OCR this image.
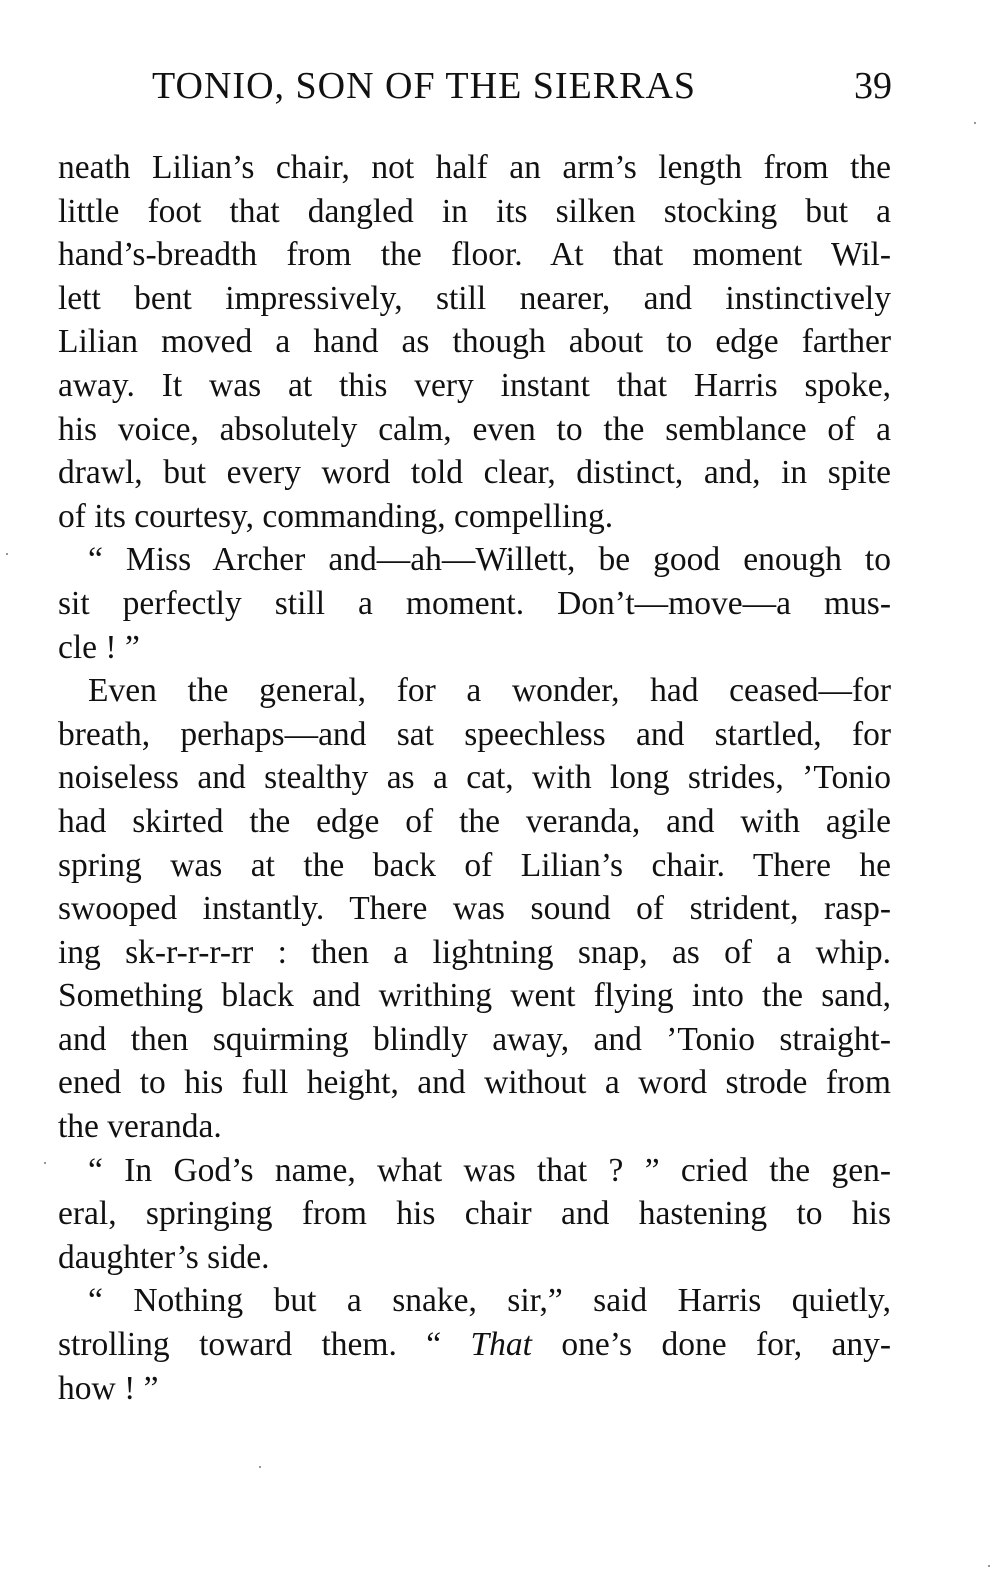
TONIO, SON OF THE SIERRAS	39
neath Lilian’s chair, not half an arm’s length from the
little foot that dangled in its silken stocking but a
hand’s-breadth from the floor. At that moment Wil-
lett bent impressively, still nearer, and instinctively
Lilian moved a hand as though about to edge farther
away. It was at this very instant that Harris spoke,
his voice, absolutely calm, even to the semblance of a
drawl, but every word told clear, distinct, and, in spite
of its courtesy, commanding, compelling.
“ Miss Archer and—ah—Willett, be good enough to
sit perfectly still a moment. Don’t—move—a mus-
cle ! ”
Even the general, for a wonder, had ceased—for
breath, perhaps—and sat speechless and startled, for
noiseless and stealthy as a cat, with long strides, ’Tonio
had skirted the edge of the veranda, and with agile
spring was at the back of Lilian’s chair. There he
swooped instantly. There was sound of strident, rasp-
ing sk-r-r-r-rr : then a lightning snap, as of a whip.
Something black and writhing went flying into the sand,
and then squirming blindly away, and ’Tonio straight-
ened to his full height, and without a word strode from
the veranda.
“ In God’s name, what was that ? ” cried the gen-
eral, springing from his chair and hastening to his
daughter’s side.
“ Nothing but a snake, sir,” said Harris quietly,
strolling toward them. “ That one’s done for, any-
how ! ”
